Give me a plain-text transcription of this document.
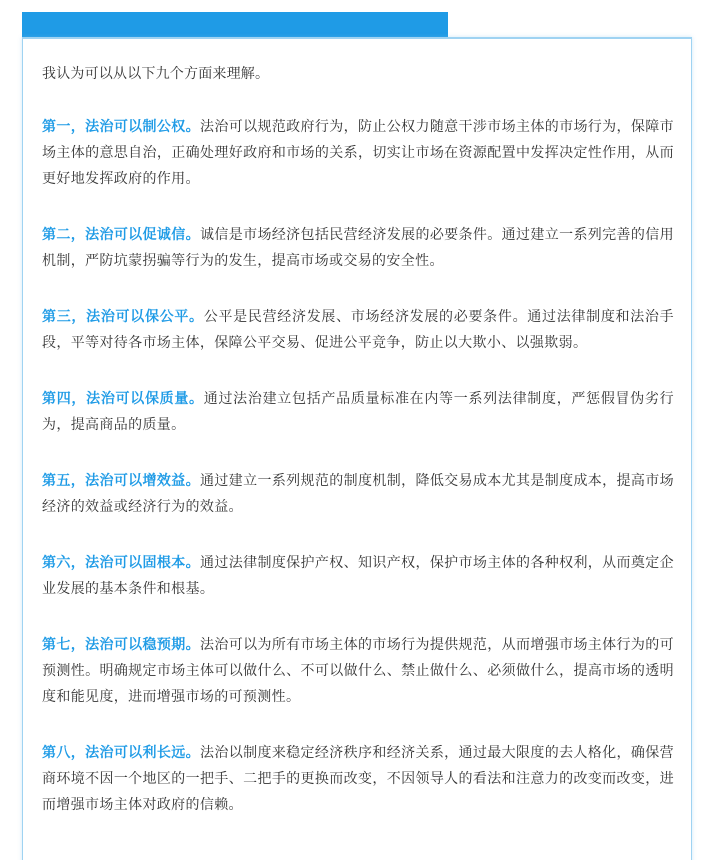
我认为可以从以下九个方面来理解。

第一，法治可以制公权。法治可以规范政府行为，防止公权力随意干涉市场主体的市场行为，保障市场主体的意思自治，正确处理好政府和市场的关系，切实让市场在资源配置中发挥决定性作用，从而更好地发挥政府的作用。

第二，法治可以促诚信。诚信是市场经济包括民营经济发展的必要条件。通过建立一系列完善的信用机制，严防坑蒙拐骗等行为的发生，提高市场或交易的安全性。

第三，法治可以保公平。公平是民营经济发展、市场经济发展的必要条件。通过法律制度和法治手段，平等对待各市场主体，保障公平交易、促进公平竞争，防止以大欺小、以强欺弱。

第四，法治可以保质量。通过法治建立包括产品质量标准在内等一系列法律制度，严惩假冒伪劣行为，提高商品的质量。

第五，法治可以增效益。通过建立一系列规范的制度机制，降低交易成本尤其是制度成本，提高市场经济的效益或经济行为的效益。

第六，法治可以固根本。通过法律制度保护产权、知识产权，保护市场主体的各种权利，从而奠定企业发展的基本条件和根基。

第七，法治可以稳预期。法治可以为所有市场主体的市场行为提供规范，从而增强市场主体行为的可预测性。明确规定市场主体可以做什么、不可以做什么、禁止做什么、必须做什么，提高市场的透明度和能见度，进而增强市场的可预测性。

第八，法治可以利长远。法治以制度来稳定经济秩序和经济关系，通过最大限度的去人格化，确保营商环境不因一个地区的一把手、二把手的更换而改变，不因领导人的看法和注意力的改变而改变，进而增强市场主体对政府的信赖。
